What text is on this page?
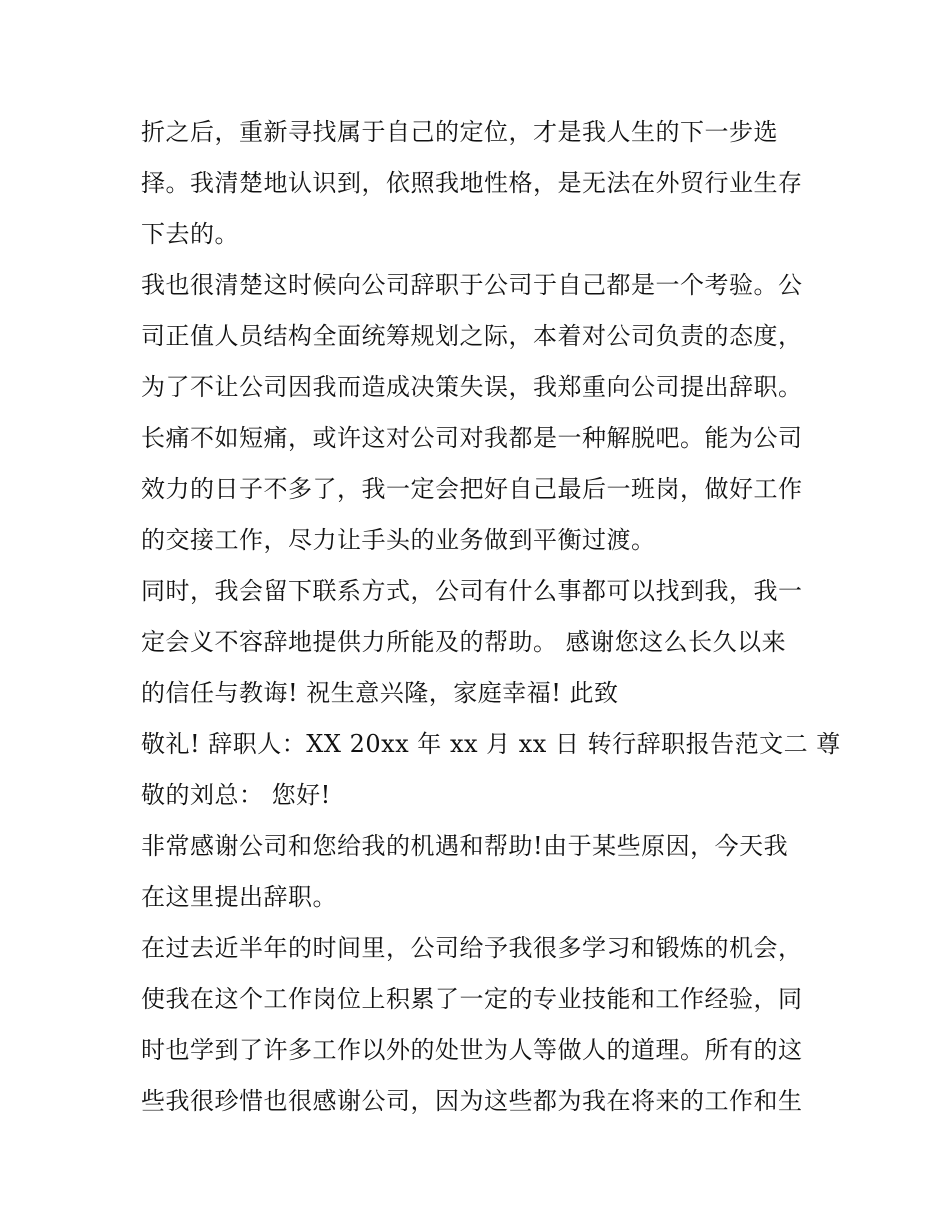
折之后，重新寻找属于自己的定位，才是我人生的下一步选
择。我清楚地认识到，依照我地性格，是无法在外贸行业生存
下去的。
我也很清楚这时候向公司辞职于公司于自己都是一个考验。公
司正值人员结构全面统筹规划之际，本着对公司负责的态度，
为了不让公司因我而造成决策失误，我郑重向公司提出辞职。
长痛不如短痛，或许这对公司对我都是一种解脱吧。能为公司
效力的日子不多了，我一定会把好自己最后一班岗，做好工作
的交接工作，尽力让手头的业务做到平衡过渡。
同时，我会留下联系方式，公司有什么事都可以找到我，我一
定会义不容辞地提供力所能及的帮助。 感谢您这么长久以来
的信任与教诲! 祝生意兴隆，家庭幸福! 此致
敬礼! 辞职人：XX 20xx 年 xx 月 xx 日 转行辞职报告范文二 尊
敬的刘总： 您好!
非常感谢公司和您给我的机遇和帮助!由于某些原因，今天我
在这里提出辞职。
在过去近半年的时间里，公司给予我很多学习和锻炼的机会，
使我在这个工作岗位上积累了一定的专业技能和工作经验，同
时也学到了许多工作以外的处世为人等做人的道理。所有的这
些我很珍惜也很感谢公司，因为这些都为我在将来的工作和生
